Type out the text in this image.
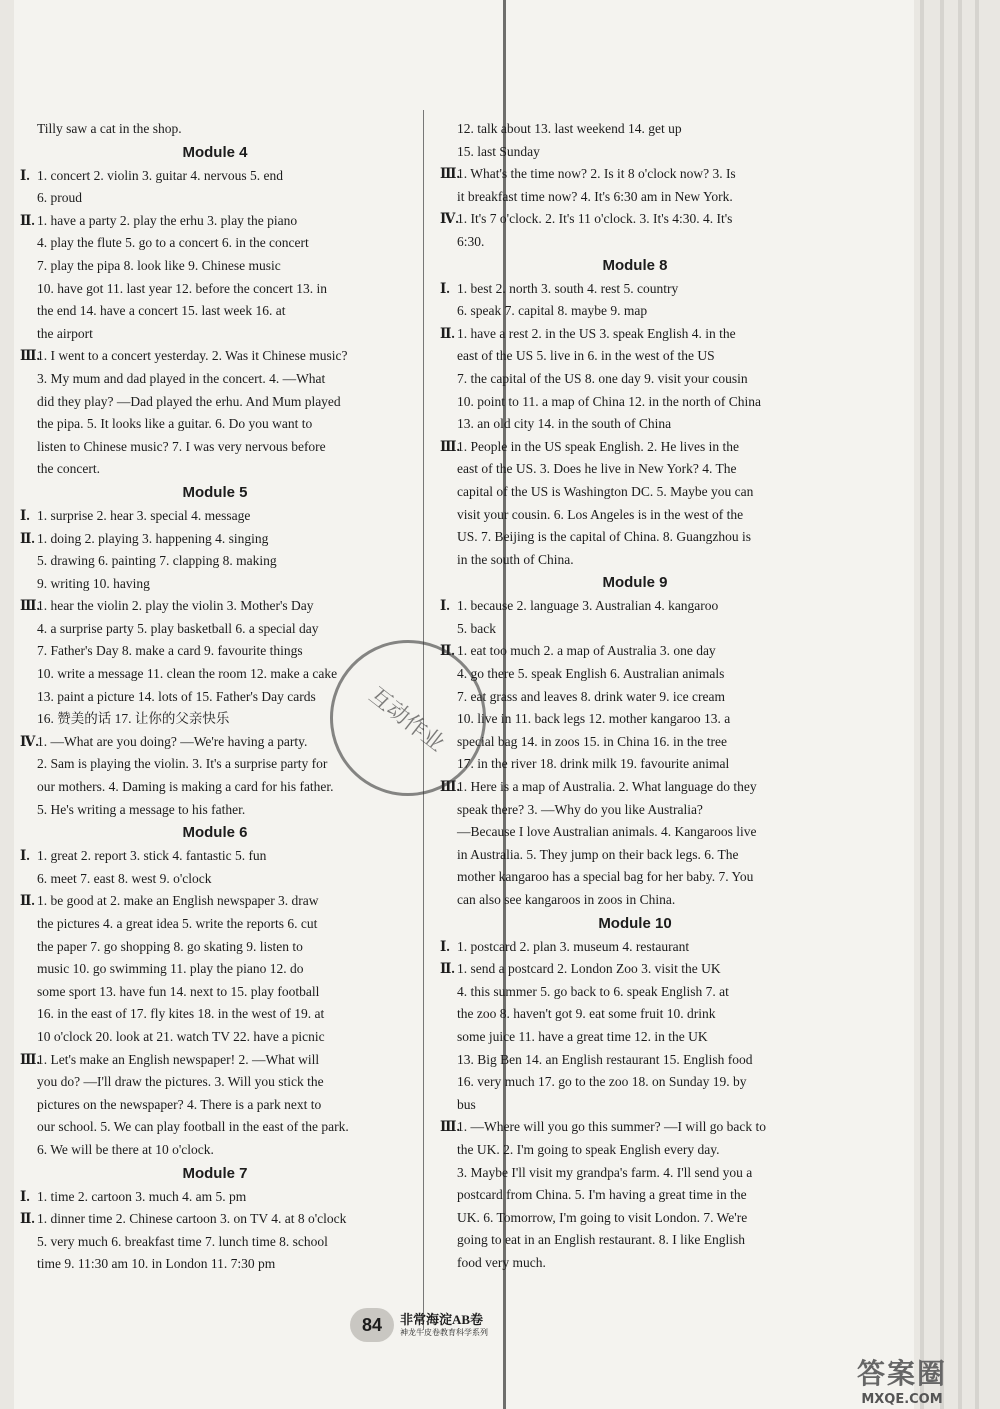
Tilly saw a cat in the shop.
Module 4
Ⅰ. 1. concert 2. violin 3. guitar 4. nervous 5. end
6. proud
Ⅱ. 1. have a party 2. play the erhu 3. play the piano
4. play the flute 5. go to a concert 6. in the concert
7. play the pipa 8. look like 9. Chinese music
10. have got 11. last year 12. before the concert 13. in
the end 14. have a concert 15. last week 16. at
the airport
Ⅲ.1. I went to a concert yesterday. 2. Was it Chinese music?
3. My mum and dad played in the concert. 4. —What
did they play? —Dad played the erhu. And Mum played
the pipa. 5. It looks like a guitar. 6. Do you want to
listen to Chinese music? 7. I was very nervous before
the concert.
Module 5
Ⅰ. 1. surprise 2. hear 3. special 4. message
Ⅱ. 1. doing 2. playing 3. happening 4. singing
5. drawing 6. painting 7. clapping 8. making
9. writing 10. having
Ⅲ.1. hear the violin 2. play the violin 3. Mother's Day
4. a surprise party 5. play basketball 6. a special day
7. Father's Day 8. make a card 9. favourite things
10. write a message 11. clean the room 12. make a cake
13. paint a picture 14. lots of 15. Father's Day cards
16. 赞美的话 17. 让你的父亲快乐
Ⅳ.1. —What are you doing? —We're having a party.
2. Sam is playing the violin. 3. It's a surprise party for
our mothers. 4. Daming is making a card for his father.
5. He's writing a message to his father.
Module 6
Ⅰ. 1. great 2. report 3. stick 4. fantastic 5. fun
6. meet 7. east 8. west 9. o'clock
Ⅱ. 1. be good at 2. make an English newspaper 3. draw
the pictures 4. a great idea 5. write the reports 6. cut
the paper 7. go shopping 8. go skating 9. listen to
music 10. go swimming 11. play the piano 12. do
some sport 13. have fun 14. next to 15. play football
16. in the east of 17. fly kites 18. in the west of 19. at
10 o'clock 20. look at 21. watch TV 22. have a picnic
Ⅲ.1. Let's make an English newspaper! 2. —What will
you do? —I'll draw the pictures. 3. Will you stick the
pictures on the newspaper? 4. There is a park next to
our school. 5. We can play football in the east of the park.
6. We will be there at 10 o'clock.
Module 7
Ⅰ. 1. time 2. cartoon 3. much 4. am 5. pm
Ⅱ. 1. dinner time 2. Chinese cartoon 3. on TV 4. at 8 o'clock
5. very much 6. breakfast time 7. lunch time 8. school
time 9. 11:30 am 10. in London 11. 7:30 pm
12. talk about 13. last weekend 14. get up
15. last Sunday
Ⅲ.1. What's the time now? 2. Is it 8 o'clock now? 3. Is
it breakfast time now? 4. It's 6:30 am in New York.
Ⅳ.1. It's 7 o'clock. 2. It's 11 o'clock. 3. It's 4:30. 4. It's
6:30.
Module 8
Ⅰ. 1. best 2. north 3. south 4. rest 5. country
6. speak 7. capital 8. maybe 9. map
Ⅱ. 1. have a rest 2. in the US 3. speak English 4. in the
east of the US 5. live in 6. in the west of the US
7. the capital of the US 8. one day 9. visit your cousin
10. point to 11. a map of China 12. in the north of China
13. an old city 14. in the south of China
Ⅲ.1. People in the US speak English. 2. He lives in the
east of the US. 3. Does he live in New York? 4. The
capital of the US is Washington DC. 5. Maybe you can
visit your cousin. 6. Los Angeles is in the west of the
US. 7. Beijing is the capital of China. 8. Guangzhou is
in the south of China.
Module 9
Ⅰ. 1. because 2. language 3. Australian 4. kangaroo
5. back
Ⅱ. 1. eat too much 2. a map of Australia 3. one day
4. go there 5. speak English 6. Australian animals
7. eat grass and leaves 8. drink water 9. ice cream
10. live in 11. back legs 12. mother kangaroo 13. a
special bag 14. in zoos 15. in China 16. in the tree
17. in the river 18. drink milk 19. favourite animal
Ⅲ.1. Here is a map of Australia. 2. What language do they
speak there? 3. —Why do you like Australia?
—Because I love Australian animals. 4. Kangaroos live
in Australia. 5. They jump on their back legs. 6. The
mother kangaroo has a special bag for her baby. 7. You
can also see kangaroos in zoos in China.
Module 10
Ⅰ. 1. postcard 2. plan 3. museum 4. restaurant
Ⅱ. 1. send a postcard 2. London Zoo 3. visit the UK
4. this summer 5. go back to 6. speak English 7. at
the zoo 8. haven't got 9. eat some fruit 10. drink
some juice 11. have a great time 12. in the UK
13. Big Ben 14. an English restaurant 15. English food
16. very much 17. go to the zoo 18. on Sunday 19. by
bus
Ⅲ.1. —Where will you go this summer? —I will go back to
the UK. 2. I'm going to speak English every day.
3. Maybe I'll visit my grandpa's farm. 4. I'll send you a
postcard from China. 5. I'm having a great time in the
UK. 6. Tomorrow, I'm going to visit London. 7. We're
going to eat in an English restaurant. 8. I like English
food very much.
互动作业
84	非常海淀AB卷
神龙牛皮卷教育科学系列
答案圈
MXQE.COM
